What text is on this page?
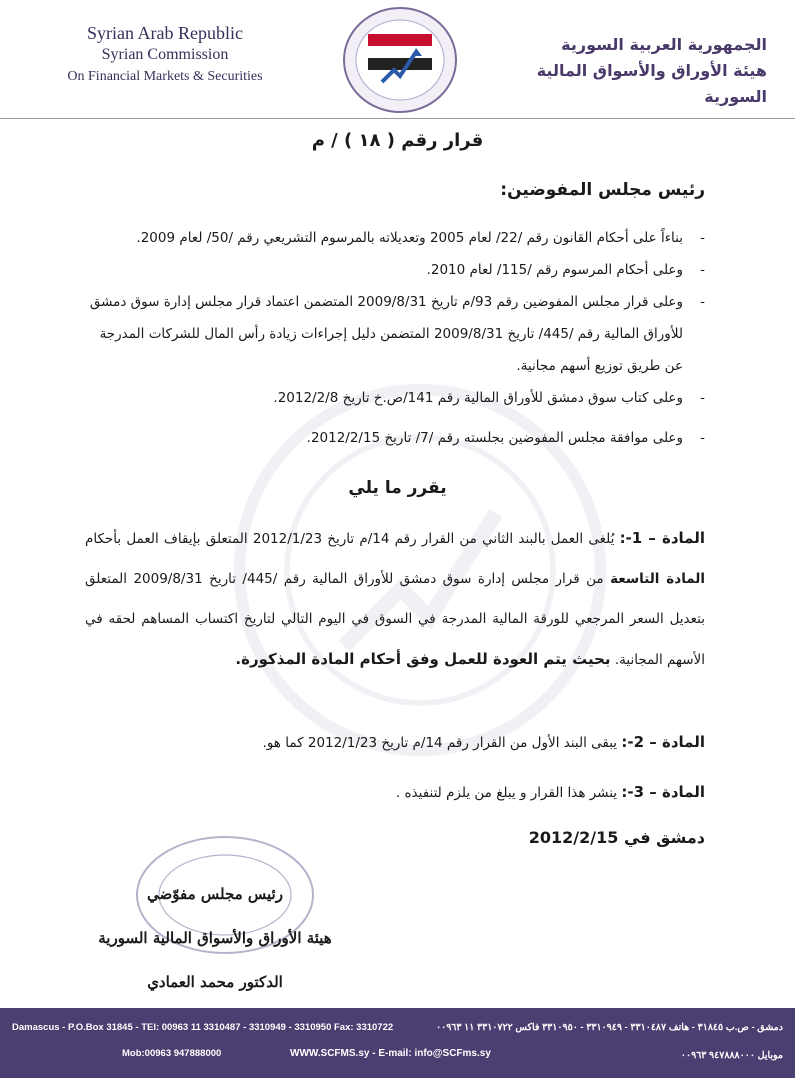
Syrian Arab Republic
Syrian Commission
On Financial Markets & Securities
الجمهورية العربية السورية
هيئة الأوراق والأسواق المالية السورية
قرار رقم ( ١٨ ) / م
رئيس مجلس المفوضين:
- بناءاً على أحكام القانون رقم /22/ لعام 2005 وتعديلاته بالمرسوم التشريعي رقم /50/ لعام 2009.
- وعلى أحكام المرسوم رقم /115/ لعام 2010.
- وعلى قرار مجلس المفوضين رقم 93/م تاريخ 2009/8/31 المتضمن اعتماد قرار مجلس إدارة سوق دمشق للأوراق المالية رقم /445/ تاريخ 2009/8/31 المتضمن دليل إجراءات زيادة رأس المال للشركات المدرجة عن طريق توزيع أسهم مجانية.
- وعلى كتاب سوق دمشق للأوراق المالية رقم 141/ص.خ تاريخ 2012/2/8.
- وعلى موافقة مجلس المفوضين بجلسته رقم /7/ تاريخ 2012/2/15.
يقرر ما يلي
المادة – 1-: يُلغى العمل بالبند الثاني من القرار رقم 14/م تاريخ 2012/1/23 المتعلق بإيقاف العمل بأحكام المادة التاسعة من قرار مجلس إدارة سوق دمشق للأوراق المالية رقم /445/ تاريخ 2009/8/31 المتعلق بتعديل السعر المرجعي للورقة المالية المدرجة في السوق في اليوم التالي لتاريخ اكتساب المساهم لحقه في الأسهم المجانية. بحيث يتم العودة للعمل وفق أحكام المادة المذكورة.
المادة – 2-: يبقى البند الأول من القرار رقم 14/م تاريخ 2012/1/23 كما هو.
المادة – 3-: ينشر هذا القرار و يبلغ من يلزم لتنفيذه .
دمشق في 2012/2/15
رئيس مجلس مفوّضي
هيئة الأوراق والأسواق المالية السورية
الدكتور محمد العمادي
Damascus - P.O.Box 31845 - TEl: 00963 11 3310487 - 3310949 - 3310950 Fax: 3310722	دمشق - ص.ب ٣١٨٤٥ - هاتف ٣٣١٠٤٨٧ - ٣٣١٠٩٤٩ - ٣٣١٠٩٥٠ فاكس ٣٣١٠٧٢٢ ١١ ٠٠٩٦٣
Mob:00963 947888000	WWW.SCFMS.sy - E-mail: info@SCFms.sy	موبايل ٩٤٧٨٨٨٠٠٠ ٠٠٩٦٣
